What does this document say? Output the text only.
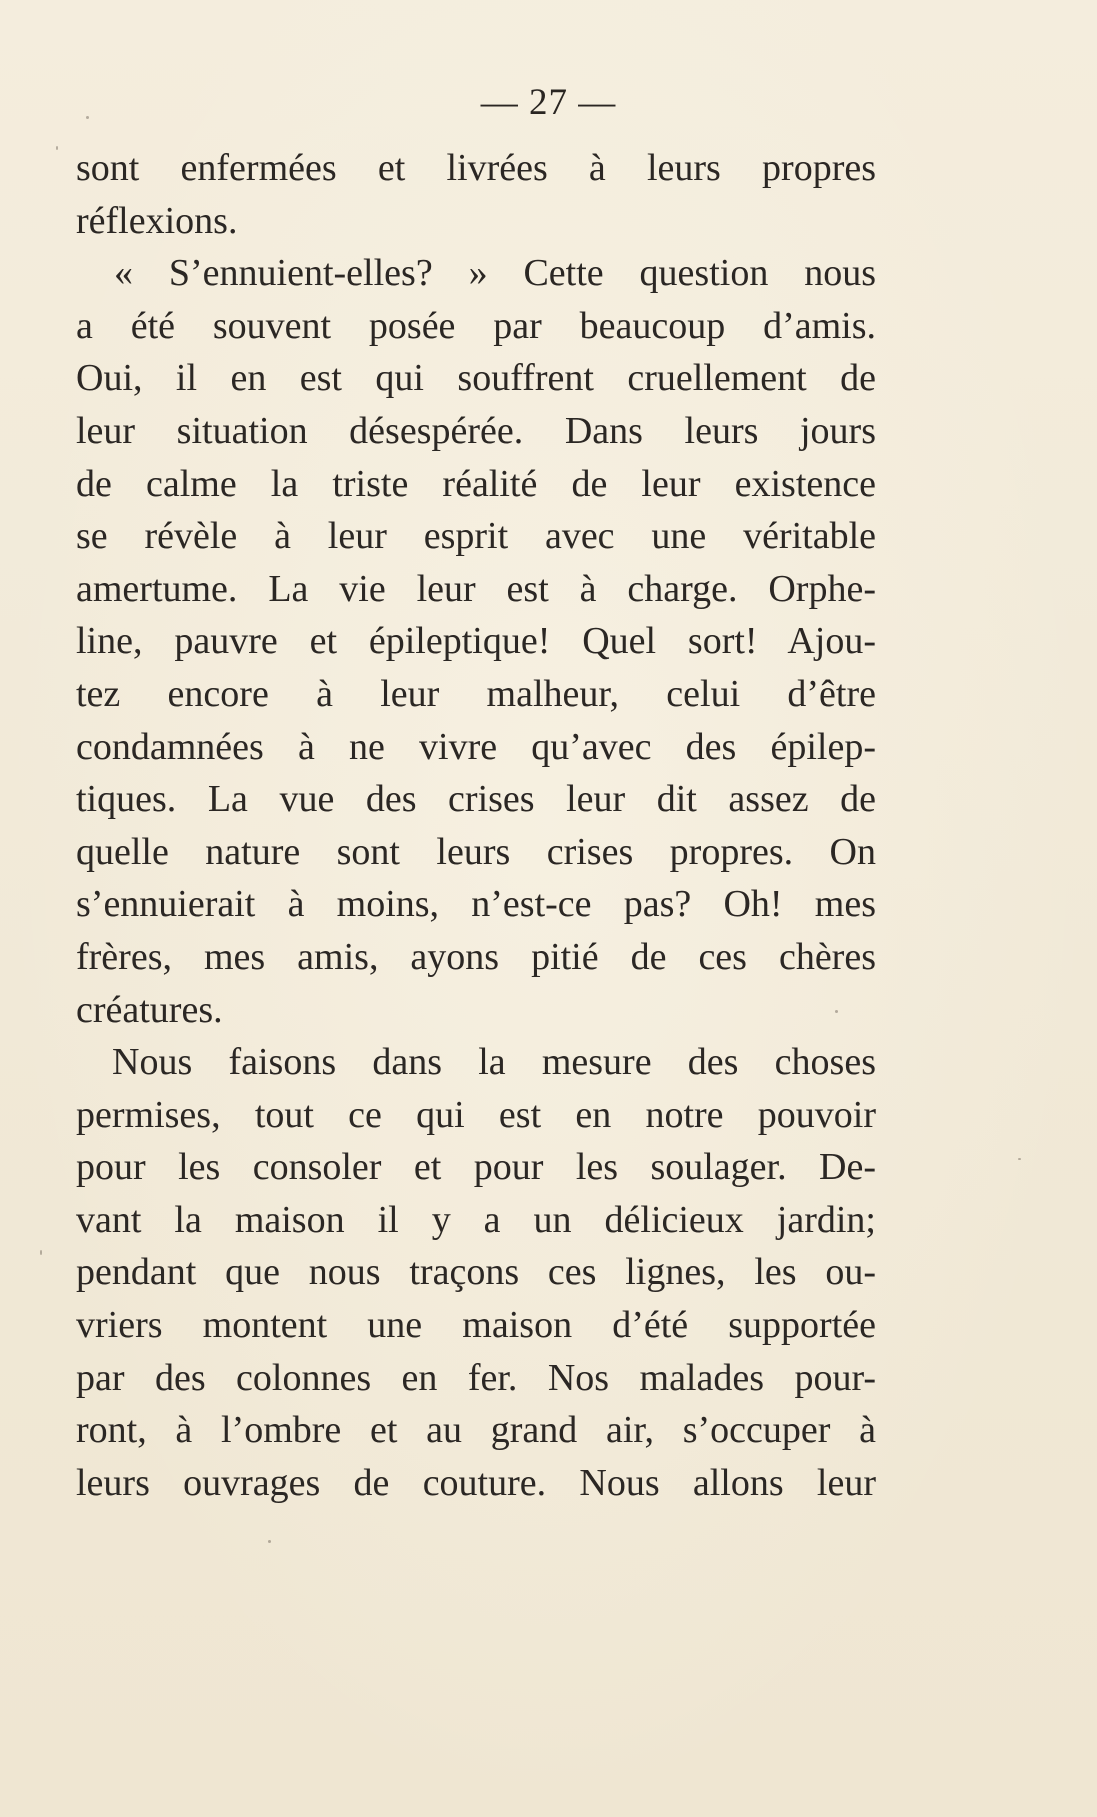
— 27 —
sont enfermées et livrées à leurs propres
réflexions.
« S’ennuient-elles? » Cette question nous
a été souvent posée par beaucoup d’amis.
Oui, il en est qui souffrent cruellement de
leur situation désespérée. Dans leurs jours
de calme la triste réalité de leur existence
se révèle à leur esprit avec une véritable
amertume. La vie leur est à charge. Orphe-
line, pauvre et épileptique! Quel sort! Ajou-
tez encore à leur malheur, celui d’être
condamnées à ne vivre qu’avec des épilep-
tiques. La vue des crises leur dit assez de
quelle nature sont leurs crises propres. On
s’ennuierait à moins, n’est-ce pas? Oh! mes
frères, mes amis, ayons pitié de ces chères
créatures.
Nous faisons dans la mesure des choses
permises, tout ce qui est en notre pouvoir
pour les consoler et pour les soulager. De-
vant la maison il y a un délicieux jardin;
pendant que nous traçons ces lignes, les ou-
vriers montent une maison d’été supportée
par des colonnes en fer. Nos malades pour-
ront, à l’ombre et au grand air, s’occuper à
leurs ouvrages de couture. Nous allons leur
